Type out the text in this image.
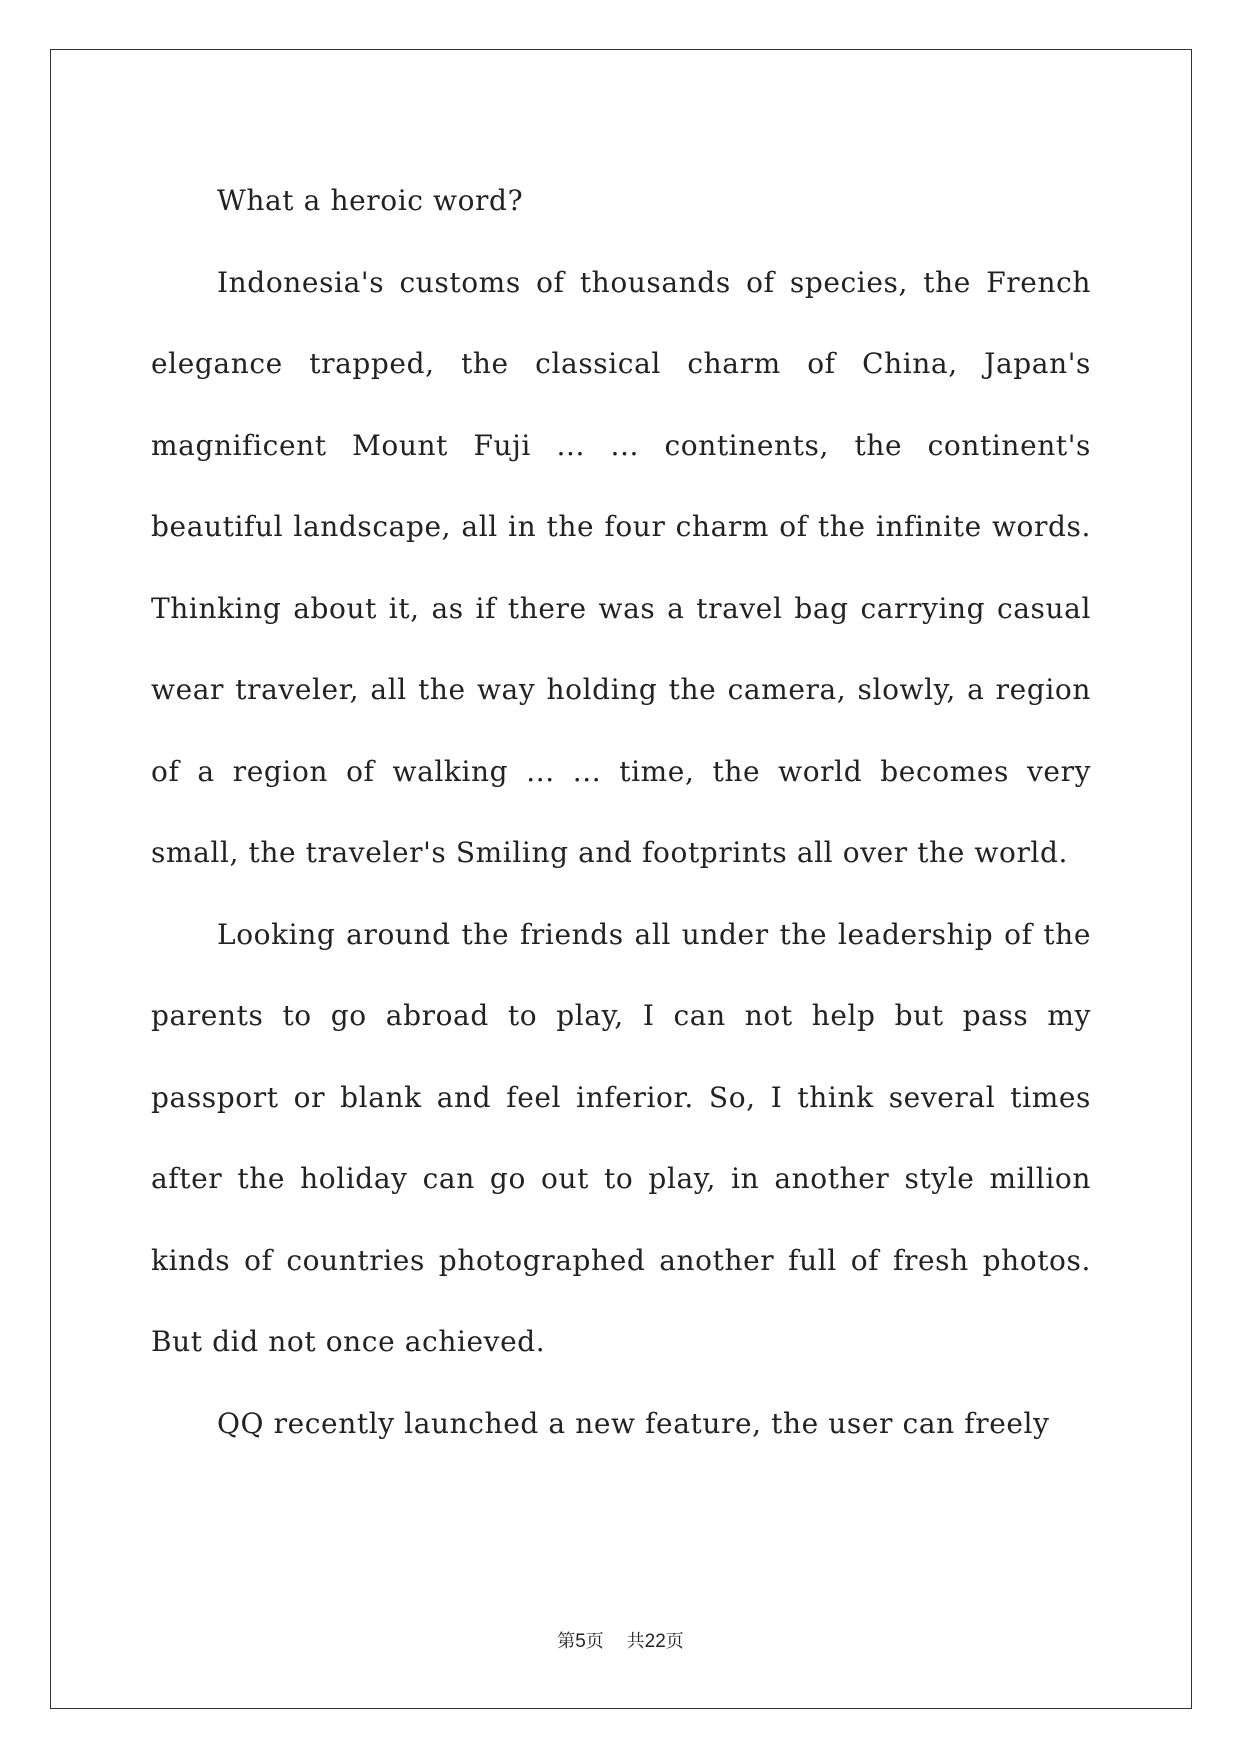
What a heroic word?

Indonesia's customs of thousands of species, the French elegance trapped, the classical charm of China, Japan's magnificent Mount Fuji ... ... continents, the continent's beautiful landscape, all in the four charm of the infinite words. Thinking about it, as if there was a travel bag carrying casual wear traveler, all the way holding the camera, slowly, a region of a region of walking ... ... time, the world becomes very small, the traveler's Smiling and footprints all over the world.

Looking around the friends all under the leadership of the parents to go abroad to play, I can not help but pass my passport or blank and feel inferior. So, I think several times after the holiday can go out to play, in another style million kinds of countries photographed another full of fresh photos. But did not once achieved.

QQ recently launched a new feature, the user can freely

第5页 共22页
